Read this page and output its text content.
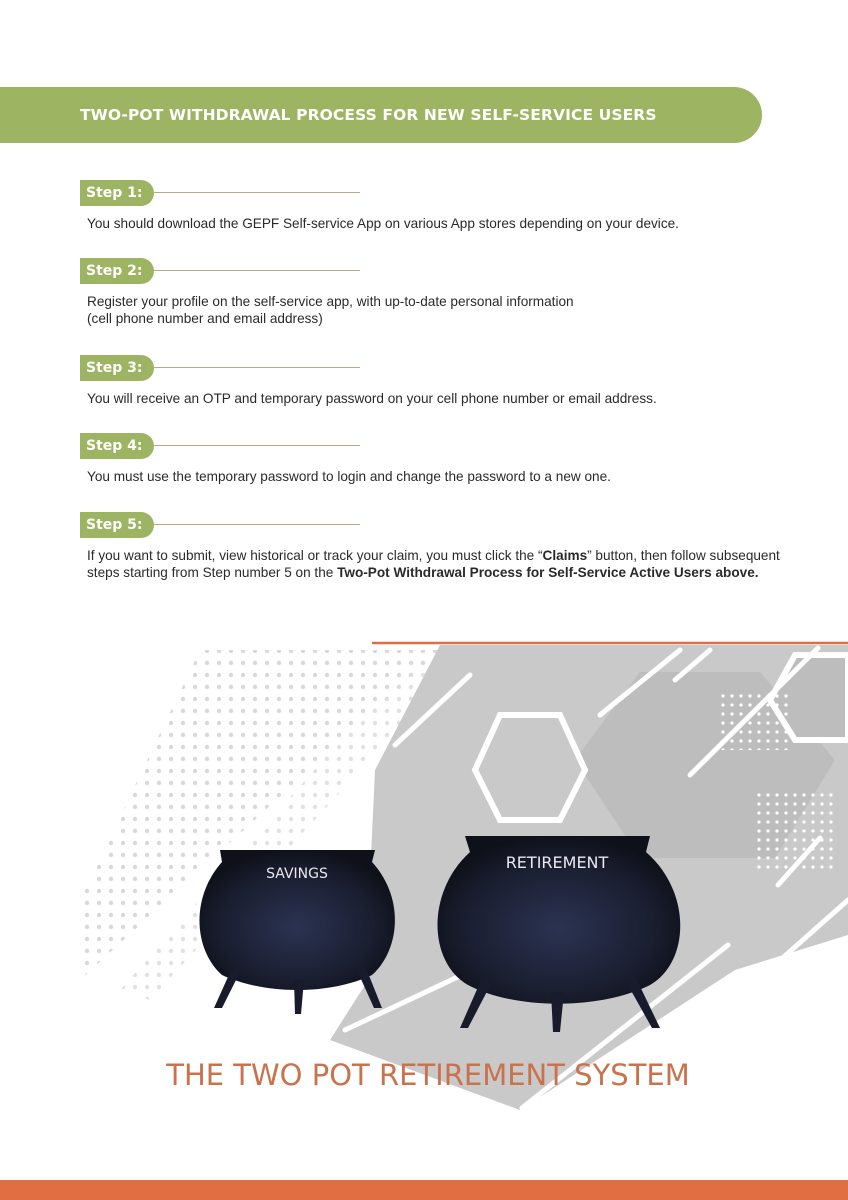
TWO-POT WITHDRAWAL PROCESS FOR NEW SELF-SERVICE USERS
Step 1:

You should download the GEPF Self-service App on various App stores depending on your device.

Step 2:

Register your profile on the self-service app, with up-to-date personal information
(cell phone number and email address)

Step 3:

You will receive an OTP and temporary password on your cell phone number or email address.

Step 4:

You must use the temporary password to login and change the password to a new one.

Step 5:

If you want to submit, view historical or track your claim, you must click the “Claims” button, then follow subsequent steps starting from Step number 5 on the Two-Pot Withdrawal Process for Self-Service Active Users above.

SAVINGS
RETIREMENT
THE TWO POT RETIREMENT SYSTEM
